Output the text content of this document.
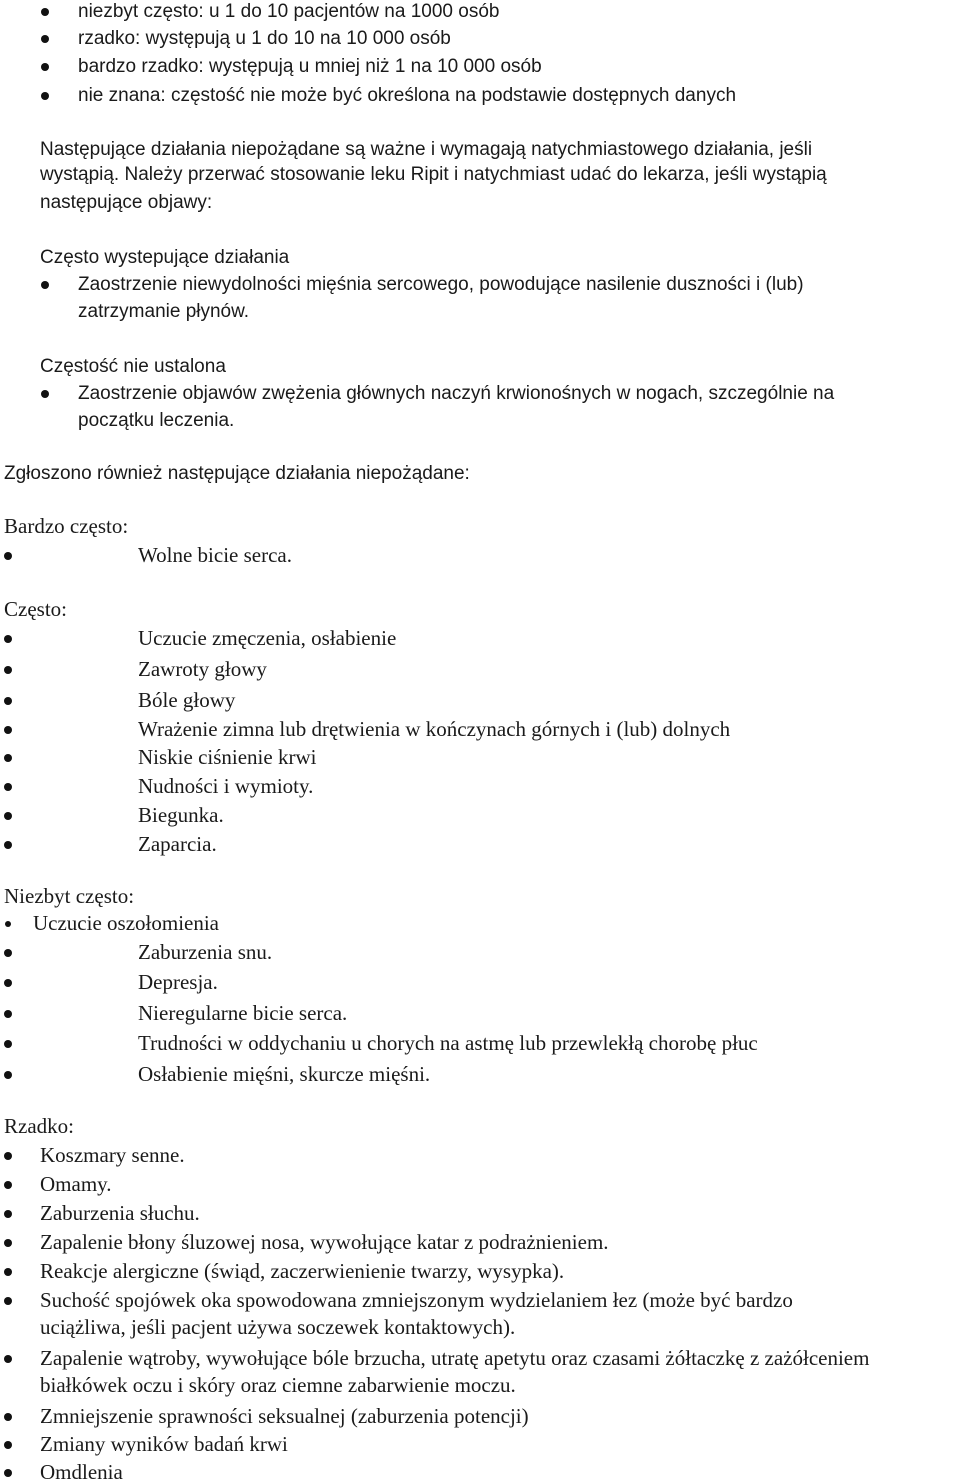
niezbyt często: u 1 do 10 pacjentów na 1000 osób
rzadko: występują u 1 do 10 na 10 000 osób
bardzo rzadko: występują u mniej niż 1 na 10 000 osób
nie znana: częstość nie może być określona na podstawie dostępnych danych
Następujące działania niepożądane są ważne i wymagają natychmiastowego działania, jeśli
wystąpią. Należy przerwać stosowanie leku Ripit i natychmiast udać do lekarza, jeśli wystąpią
następujące objawy:
Często wystepujące działania
Zaostrzenie niewydolności mięśnia sercowego, powodujące nasilenie duszności i (lub)
zatrzymanie płynów.
Częstość nie ustalona
Zaostrzenie objawów zwężenia głównych naczyń krwionośnych w nogach, szczególnie na
początku leczenia.
Zgłoszono również następujące działania niepożądane:
Bardzo często:
Wolne bicie serca.
Często:
Uczucie zmęczenia, osłabienie
Zawroty głowy
Bóle głowy
Wrażenie zimna lub drętwienia w kończynach górnych i (lub) dolnych
Niskie ciśnienie krwi
Nudności i wymioty.
Biegunka.
Zaparcia.
Niezbyt często:
Uczucie oszołomienia
Zaburzenia snu.
Depresja.
Nieregularne bicie serca.
Trudności w oddychaniu u chorych na astmę lub przewlekłą chorobę płuc
Osłabienie mięśni, skurcze mięśni.
Rzadko:
Koszmary senne.
Omamy.
Zaburzenia słuchu.
Zapalenie błony śluzowej nosa, wywołujące katar z podrażnieniem.
Reakcje alergiczne (świąd, zaczerwienienie twarzy, wysypka).
Suchość spojówek oka spowodowana zmniejszonym wydzielaniem łez (może być bardzo
uciążliwa, jeśli pacjent używa soczewek kontaktowych).
Zapalenie wątroby, wywołujące bóle brzucha, utratę apetytu oraz czasami żółtaczkę z zażółceniem
białkówek oczu i skóry oraz ciemne zabarwienie moczu.
Zmniejszenie sprawności seksualnej (zaburzenia potencji)
Zmiany wyników badań krwi
Omdlenia
